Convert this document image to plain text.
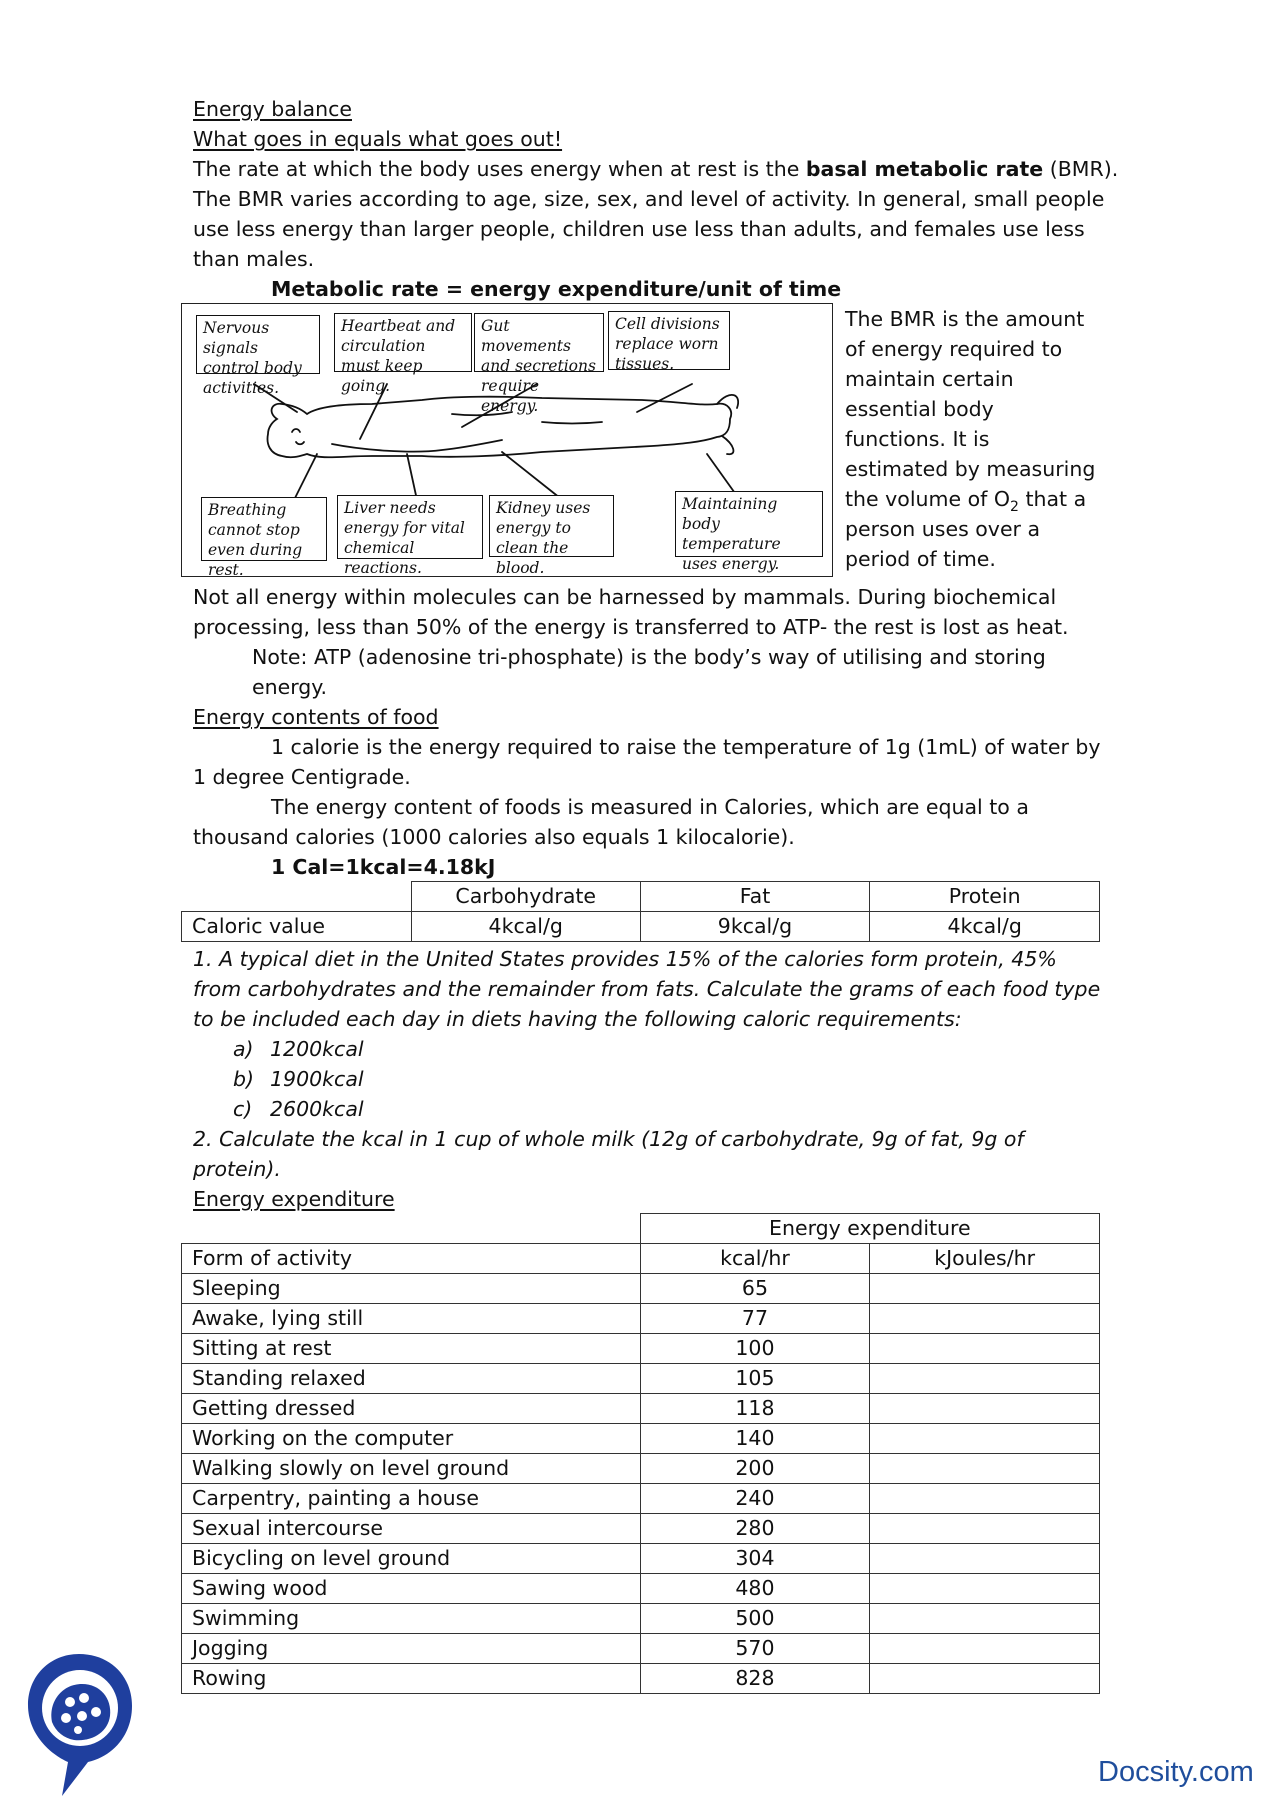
Energy balance
What goes in equals what goes out!
The rate at which the body uses energy when at rest is the basal metabolic rate (BMR).
The BMR varies according to age, size, sex, and level of activity. In general, small people
use less energy than larger people, children use less than adults, and females use less
than males.
Metabolic rate = energy expenditure/unit of time
Nervous signals control body activities.
Heartbeat and circulation must keep going.
Gut movements and secretions require energy.
Cell divisions replace worn tissues.
Breathing cannot stop even during rest.
Liver needs energy for vital chemical reactions.
Kidney uses energy to clean the blood.
Maintaining body temperature uses energy.
The BMR is the amount
of energy required to
maintain certain
essential body
functions. It is
estimated by measuring
the volume of $O_2$ that a
person uses over a
period of time.
Not all energy within molecules can be harnessed by mammals. During biochemical
processing, less than 50% of the energy is transferred to ATP- the rest is lost as heat.
Note: ATP (adenosine tri-phosphate) is the body’s way of utilising and storing
energy.
Energy contents of food
1 calorie is the energy required to raise the temperature of 1g (1mL) of water by
1 degree Centigrade.
The energy content of foods is measured in Calories, which are equal to a
thousand calories (1000 calories also equals 1 kilocalorie).
1 Cal=1kcal=4.18kJ
	Carbohydrate	Fat	Protein
Caloric value	4kcal/g	9kcal/g	4kcal/g
1. A typical diet in the United States provides 15% of the calories form protein, 45%
from carbohydrates and the remainder from fats. Calculate the grams of each food type
to be included each day in diets having the following caloric requirements:
a) 1200kcal
b) 1900kcal
c) 2600kcal
2. Calculate the kcal in 1 cup of whole milk (12g of carbohydrate, 9g of fat, 9g of
protein).
Energy expenditure
	Energy expenditure	
Form of activity	kcal/hr	kJoules/hr
Sleeping	65	
Awake, lying still	77	
Sitting at rest	100	
Standing relaxed	105	
Getting dressed	118	
Working on the computer	140	
Walking slowly on level ground	200	
Carpentry, painting a house	240	
Sexual intercourse	280	
Bicycling on level ground	304	
Sawing wood	480	
Swimming	500	
Jogging	570	
Rowing	828	
Docsity.com
